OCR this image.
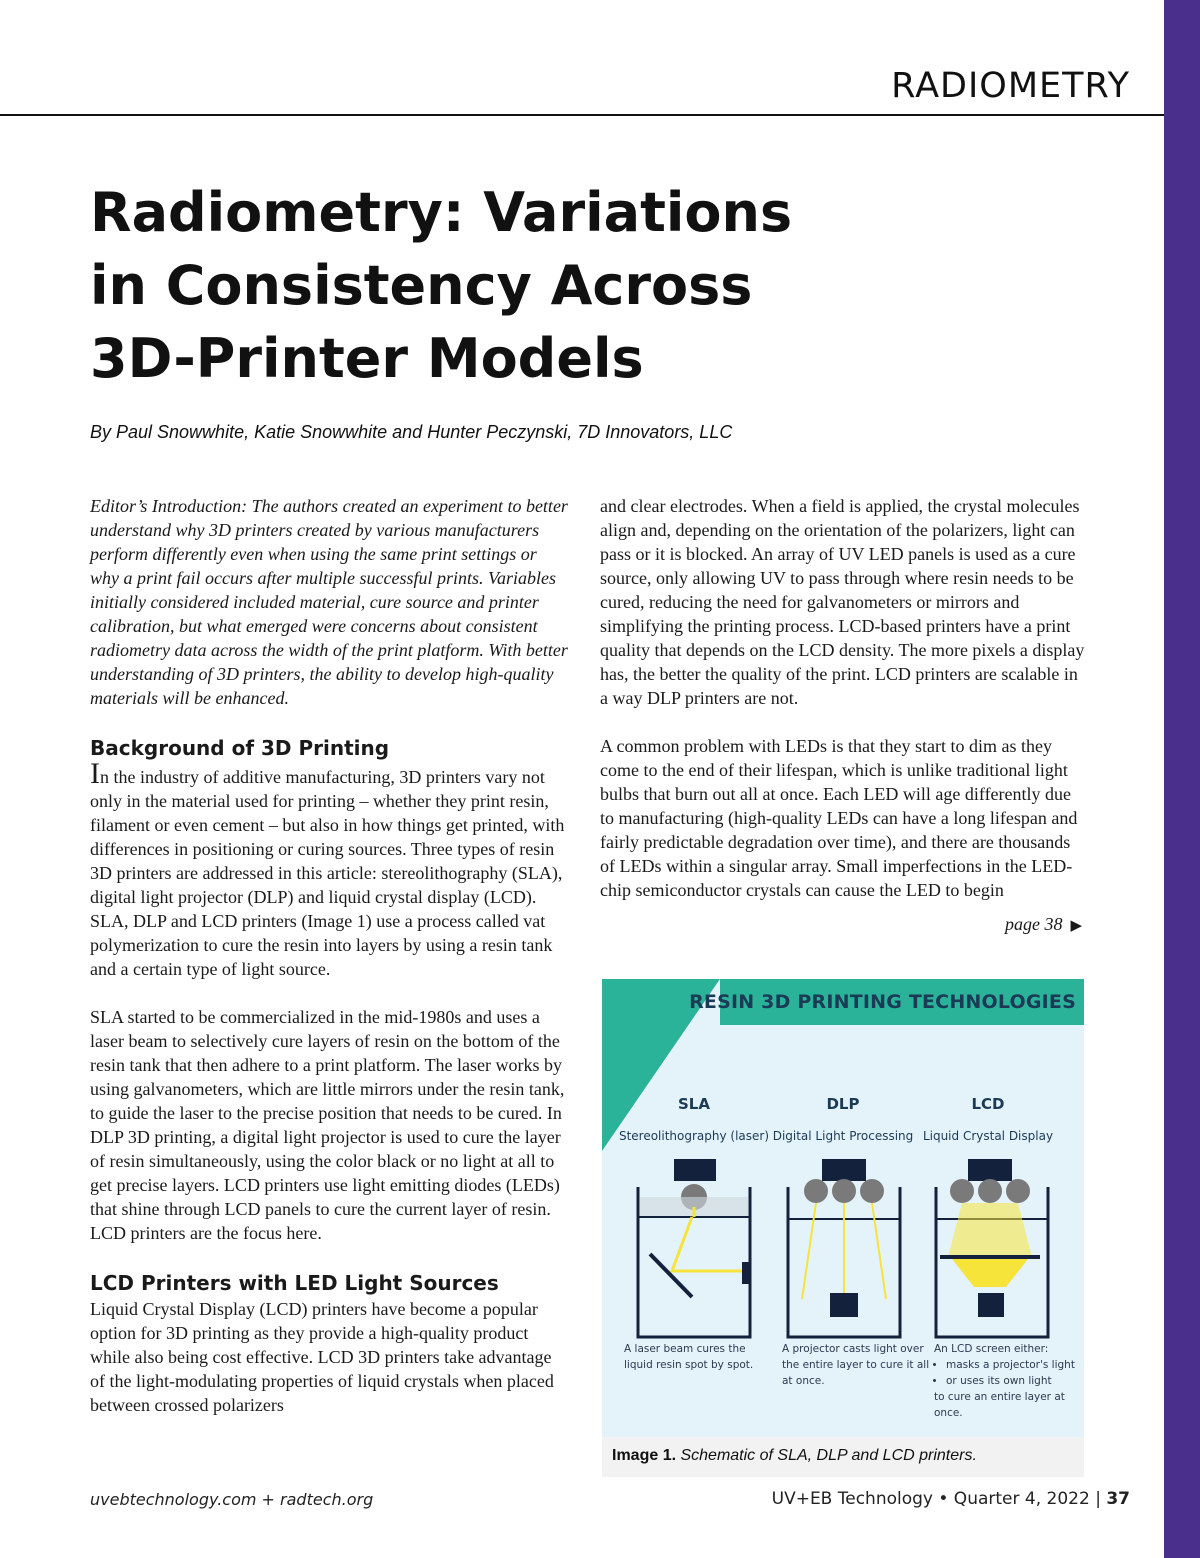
RADIOMETRY
Radiometry: Variations
in Consistency Across
3D-Printer Models
By Paul Snowwhite, Katie Snowwhite and Hunter Peczynski, 7D Innovators, LLC

Editor’s Introduction: The authors created an experiment to better understand why 3D printers created by various manufacturers perform differently even when using the same print settings or why a print fail occurs after multiple successful prints. Variables initially considered included material, cure source and printer calibration, but what emerged were concerns about consistent radiometry data across the width of the print platform. With better understanding of 3D printers, the ability to develop high-quality materials will be enhanced.

Background of 3D Printing

In the industry of additive manufacturing, 3D printers vary not only in the material used for printing – whether they print resin, filament or even cement – but also in how things get printed, with differences in positioning or curing sources. Three types of resin 3D printers are addressed in this article: stereolithography (SLA), digital light projector (DLP) and liquid crystal display (LCD). SLA, DLP and LCD printers (Image 1) use a process called vat polymerization to cure the resin into layers by using a resin tank and a certain type of light source.

SLA started to be commercialized in the mid-1980s and uses a laser beam to selectively cure layers of resin on the bottom of the resin tank that then adhere to a print platform. The laser works by using galvanometers, which are little mirrors under the resin tank, to guide the laser to the precise position that needs to be cured. In DLP 3D printing, a digital light projector is used to cure the layer of resin simultaneously, using the color black or no light at all to get precise layers. LCD printers use light emitting diodes (LEDs) that shine through LCD panels to cure the current layer of resin. LCD printers are the focus here.

LCD Printers with LED Light Sources

Liquid Crystal Display (LCD) printers have become a popular option for 3D printing as they provide a high-quality product while also being cost effective. LCD 3D printers take advantage of the light-modulating properties of liquid crystals when placed between crossed polarizers

and clear electrodes. When a field is applied, the crystal molecules align and, depending on the orientation of the polarizers, light can pass or it is blocked. An array of UV LED panels is used as a cure source, only allowing UV to pass through where resin needs to be cured, reducing the need for galvanometers or mirrors and simplifying the printing process. LCD-based printers have a print quality that depends on the LCD density. The more pixels a display has, the better the quality of the print. LCD printers are scalable in a way DLP printers are not.

A common problem with LEDs is that they start to dim as they come to the end of their lifespan, which is unlike traditional light bulbs that burn out all at once. Each LED will age differently due to manufacturing (high-quality LEDs can have a long lifespan and fairly predictable degradation over time), and there are thousands of LEDs within a singular array. Small imperfections in the LED-chip semiconductor crystals can cause the LED to begin

page 38 ▶
RESIN 3D PRINTING TECHNOLOGIES
SLA
Stereolithography (laser)
A laser beam cures the liquid resin spot by spot.
DLP
Digital Light Processing
A projector casts light over the entire layer to cure it all at once.
LCD
Liquid Crystal Display
An LCD screen either:
• masks a projector's light
• or uses its own light
to cure an entire layer at once.
Image 1. Schematic of SLA, DLP and LCD printers.
uvebtechnology.com + radtech.org	UV+EB Technology • Quarter 4, 2022 | 37
